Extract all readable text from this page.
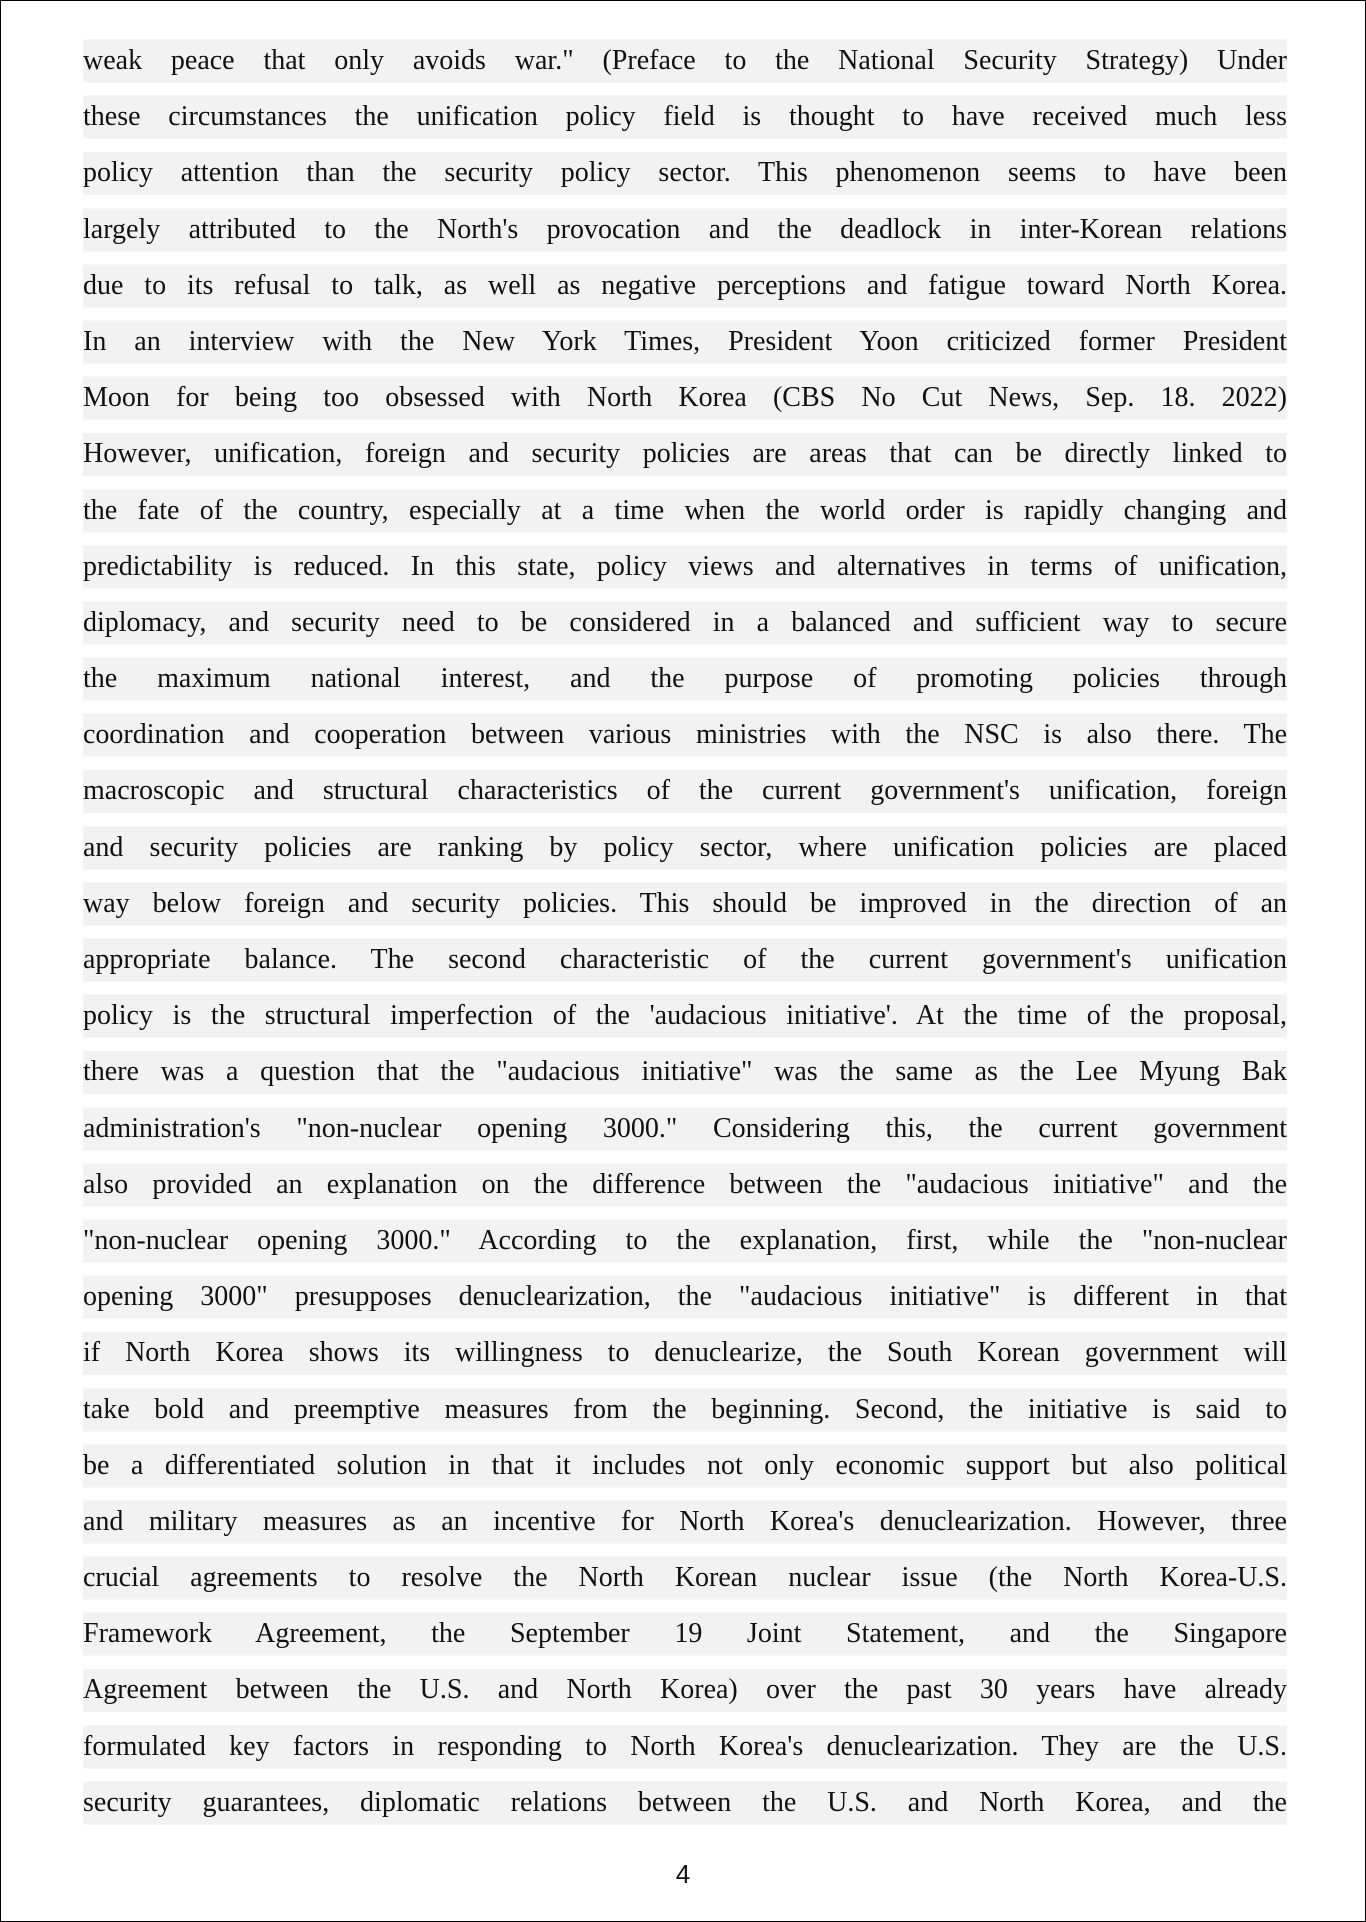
weak peace that only avoids war." (Preface to the National Security Strategy) Under
these circumstances the unification policy field is thought to have received much less
policy attention than the security policy sector. This phenomenon seems to have been
largely attributed to the North's provocation and the deadlock in inter-Korean relations
due to its refusal to talk, as well as negative perceptions and fatigue toward North Korea.
In an interview with the New York Times, President Yoon criticized former President
Moon for being too obsessed with North Korea (CBS No Cut News, Sep. 18. 2022)
However, unification, foreign and security policies are areas that can be directly linked to
the fate of the country, especially at a time when the world order is rapidly changing and
predictability is reduced. In this state, policy views and alternatives in terms of unification,
diplomacy, and security need to be considered in a balanced and sufficient way to secure
the maximum national interest, and the purpose of promoting policies through
coordination and cooperation between various ministries with the NSC is also there. The
macroscopic and structural characteristics of the current government's unification, foreign
and security policies are ranking by policy sector, where unification policies are placed
way below foreign and security policies. This should be improved in the direction of an
appropriate balance. The second characteristic of the current government's unification
policy is the structural imperfection of the 'audacious initiative'. At the time of the proposal,
there was a question that the "audacious initiative" was the same as the Lee Myung Bak
administration's "non-nuclear opening 3000." Considering this, the current government
also provided an explanation on the difference between the "audacious initiative" and the
"non-nuclear opening 3000." According to the explanation, first, while the "non-nuclear
opening 3000" presupposes denuclearization, the "audacious initiative" is different in that
if North Korea shows its willingness to denuclearize, the South Korean government will
take bold and preemptive measures from the beginning. Second, the initiative is said to
be a differentiated solution in that it includes not only economic support but also political
and military measures as an incentive for North Korea's denuclearization. However, three
crucial agreements to resolve the North Korean nuclear issue (the North Korea-U.S.
Framework Agreement, the September 19 Joint Statement, and the Singapore
Agreement between the U.S. and North Korea) over the past 30 years have already
formulated key factors in responding to North Korea's denuclearization. They are the U.S.
security guarantees, diplomatic relations between the U.S. and North Korea, and the
4
